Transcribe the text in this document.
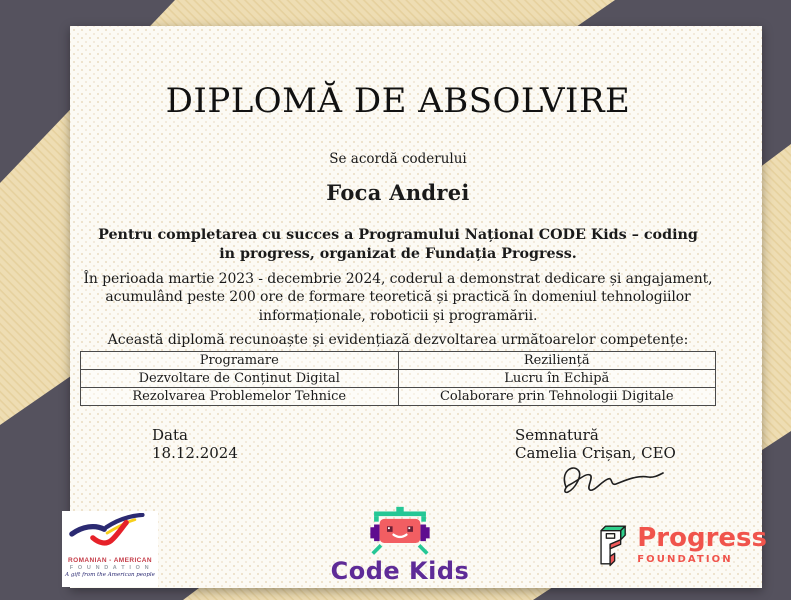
DIPLOMĂ DE ABSOLVIRE
Se acordă coderului
Foca Andrei
Pentru completarea cu succes a Programului Național CODE Kids – coding in progress, organizat de Fundația Progress.
În perioada martie 2023 - decembrie 2024, coderul a demonstrat dedicare și angajament, acumulând peste 200 ore de formare teoretică și practică în domeniul tehnologiilor informaționale, roboticii și programării.
Această diplomă recunoaște și evidențiază dezvoltarea următoarelor competențe:
Programare	Reziliență
Dezvoltare de Conținut Digital	Lucru în Echipă
Rezolvarea Problemelor Tehnice	Colaborare prin Tehnologii Digitale
Data
18.12.2024
Semnatură
Camelia Crișan, CEO
ROMANIAN - AMERICAN
F O U N D A T I O N
A gift from the American people	Code Kids
Progress
FOUNDATION
